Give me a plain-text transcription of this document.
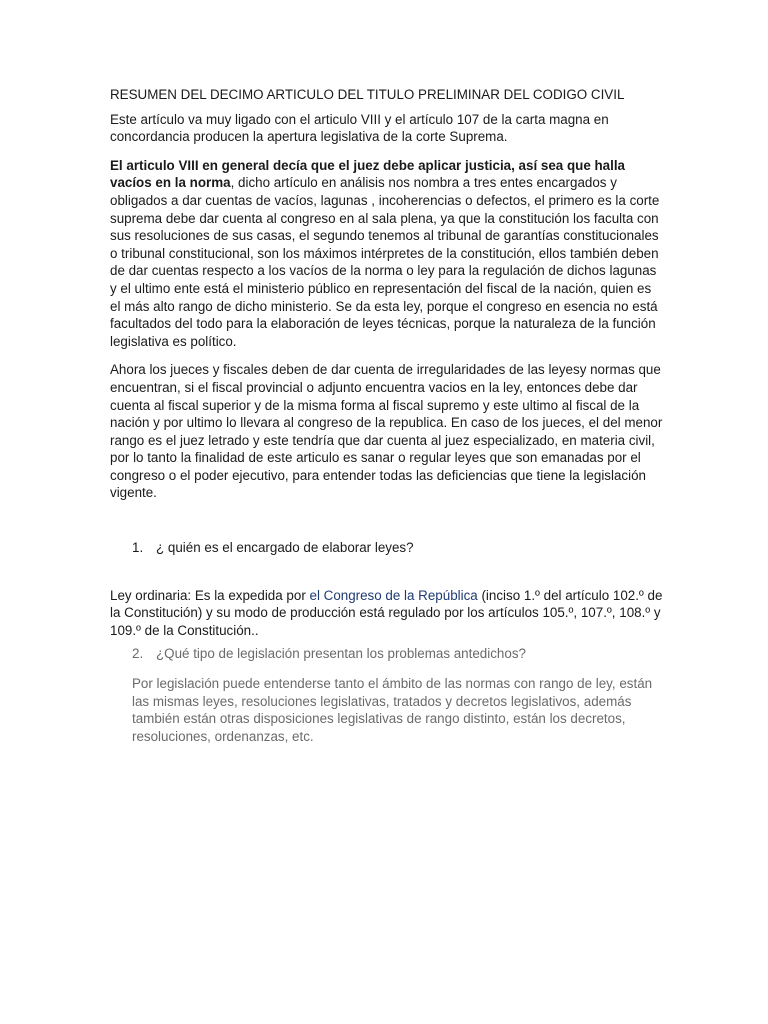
RESUMEN DEL DECIMO ARTICULO DEL TITULO PRELIMINAR DEL CODIGO CIVIL

Este artículo va muy ligado con el articulo VIII y el artículo 107 de la carta magna en concordancia producen la apertura legislativa de la corte Suprema.

El articulo VIII en general decía que el juez debe aplicar justicia, así sea que halla vacíos en la norma, dicho artículo en análisis nos nombra a tres entes encargados y obligados a dar cuentas de vacíos, lagunas , incoherencias o defectos, el primero es la corte suprema debe dar cuenta al congreso en al sala plena, ya que la constitución los faculta con sus resoluciones de sus casas, el segundo tenemos al tribunal de garantías constitucionales o tribunal constitucional, son los máximos intérpretes de la constitución, ellos también deben de dar cuentas respecto a los vacíos de la norma o ley para la regulación de dichos lagunas y el ultimo ente está el ministerio público en representación del fiscal de la nación, quien es el más alto rango de dicho ministerio. Se da esta ley, porque el congreso en esencia no está facultados del todo para la elaboración de leyes técnicas, porque la naturaleza de la función legislativa es político.

Ahora los jueces y fiscales deben de dar cuenta de irregularidades de las leyesy normas que encuentran, si el fiscal provincial o adjunto encuentra vacios en la ley, entonces debe dar cuenta al fiscal superior y de la misma forma al fiscal supremo y este ultimo al fiscal de la nación y por ultimo lo llevara al congreso de la republica. En caso de los jueces, el del menor rango es el juez letrado y este tendría que dar cuenta al juez especializado, en materia civil, por lo tanto la finalidad de este articulo es sanar o regular leyes que son emanadas por el congreso o el poder ejecutivo, para entender todas las deficiencias que tiene la legislación vigente.

1. ¿ quién es el encargado de elaborar leyes?

Ley ordinaria: Es la expedida por el Congreso de la República (inciso 1.º del artículo 102.º de la Constitución) y su modo de producción está regulado por los artículos 105.º, 107.º, 108.º y 109.º de la Constitución..

2. ¿Qué tipo de legislación presentan los problemas antedichos?

Por legislación puede entenderse tanto el ámbito de las normas con rango de ley, están las mismas leyes, resoluciones legislativas, tratados y decretos legislativos, además también están otras disposiciones legislativas de rango distinto, están los decretos, resoluciones, ordenanzas, etc.
